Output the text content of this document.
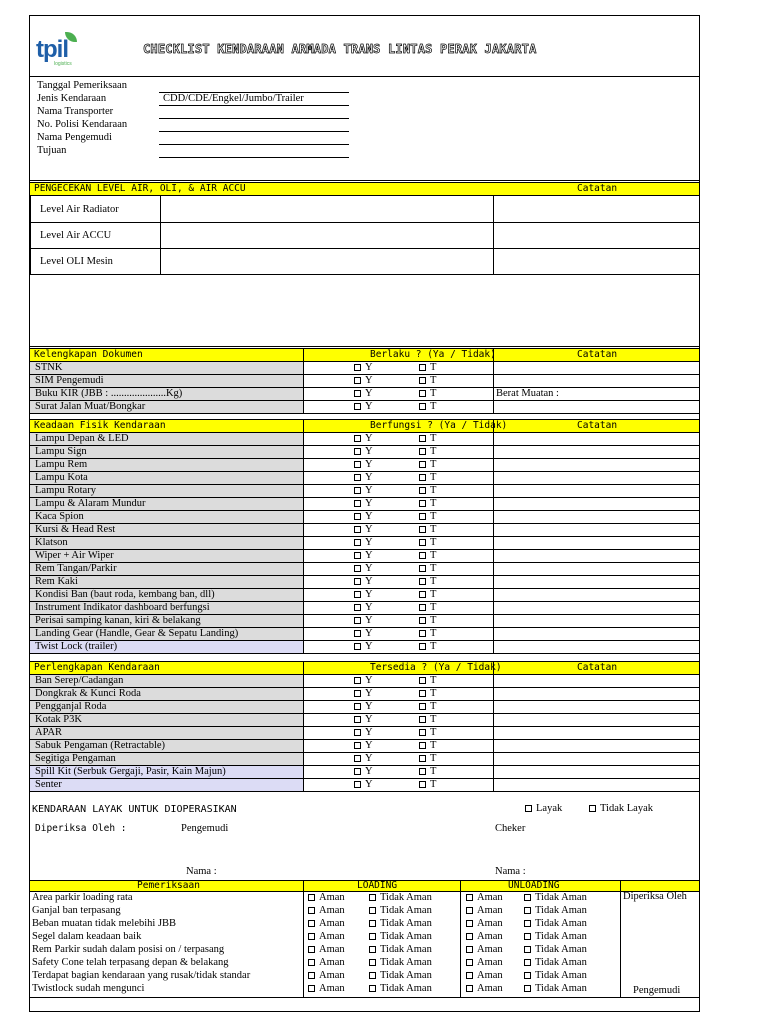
tpil
logistics
CHECKLIST KENDARAAN ARMADA TRANS LINTAS PERAK JAKARTA
Tanggal Pemeriksaan
Jenis Kendaraan	CDD/CDE/Engkel/Jumbo/Trailer
Nama Transporter
No. Polisi Kendaraan
Nama Pengemudi
Tujuan
PENGECEKAN LEVEL AIR, OLI, & AIR ACCU	Catatan
Level Air Radiator
Level Air ACCU
Level OLI Mesin
Kelengkapan Dokumen	Berlaku ? (Ya / Tidak)	Catatan
STNK	Y	T
SIM Pengemudi	Y	T
Buku KIR (JBB : .....................Kg)	Y	T	Berat Muatan :
Surat Jalan Muat/Bongkar	Y	T
Keadaan Fisik Kendaraan	Berfungsi ? (Ya / Tidak)	Catatan
Lampu Depan & LED	Y	T
Lampu Sign	Y	T
Lampu Rem	Y	T
Lampu Kota	Y	T
Lampu Rotary	Y	T
Lampu & Alaram Mundur	Y	T
Kaca Spion	Y	T
Kursi & Head Rest	Y	T
Klatson	Y	T
Wiper + Air Wiper	Y	T
Rem Tangan/Parkir	Y	T
Rem Kaki	Y	T
Kondisi Ban (baut roda, kembang ban, dll)	Y	T
Instrument Indikator dashboard berfungsi	Y	T
Perisai samping kanan, kiri & belakang	Y	T
Landing Gear (Handle, Gear & Sepatu Landing)	Y	T
Twist Lock (trailer)	Y	T
Perlengkapan Kendaraan	Tersedia ? (Ya / Tidak)	Catatan
Ban Serep/Cadangan	Y	T
Dongkrak & Kunci Roda	Y	T
Pengganjal Roda	Y	T
Kotak P3K	Y	T
APAR	Y	T
Sabuk Pengaman (Retractable)	Y	T
Segitiga Pengaman	Y	T
Spill Kit (Serbuk Gergaji, Pasir, Kain Majun)	Y	T
Senter	Y	T
KENDARAAN LAYAK UNTUK DIOPERASIKAN	Layak	Tidak Layak
Diperiksa Oleh :	Pengemudi	Cheker
Nama :	Nama :
Pemeriksaan	LOADING	UNLOADING
Diperiksa Oleh
Pengemudi
Area parkir loading rata	Aman	Tidak Aman	Aman	Tidak Aman
Ganjal ban terpasang	Aman	Tidak Aman	Aman	Tidak Aman
Beban muatan tidak melebihi JBB	Aman	Tidak Aman	Aman	Tidak Aman
Segel dalam keadaan baik	Aman	Tidak Aman	Aman	Tidak Aman
Rem Parkir sudah dalam posisi on / terpasang	Aman	Tidak Aman	Aman	Tidak Aman
Safety Cone telah terpasang depan & belakang	Aman	Tidak Aman	Aman	Tidak Aman
Terdapat bagian kendaraan yang rusak/tidak standar	Aman	Tidak Aman	Aman	Tidak Aman
Twistlock sudah mengunci	Aman	Tidak Aman	Aman	Tidak Aman
